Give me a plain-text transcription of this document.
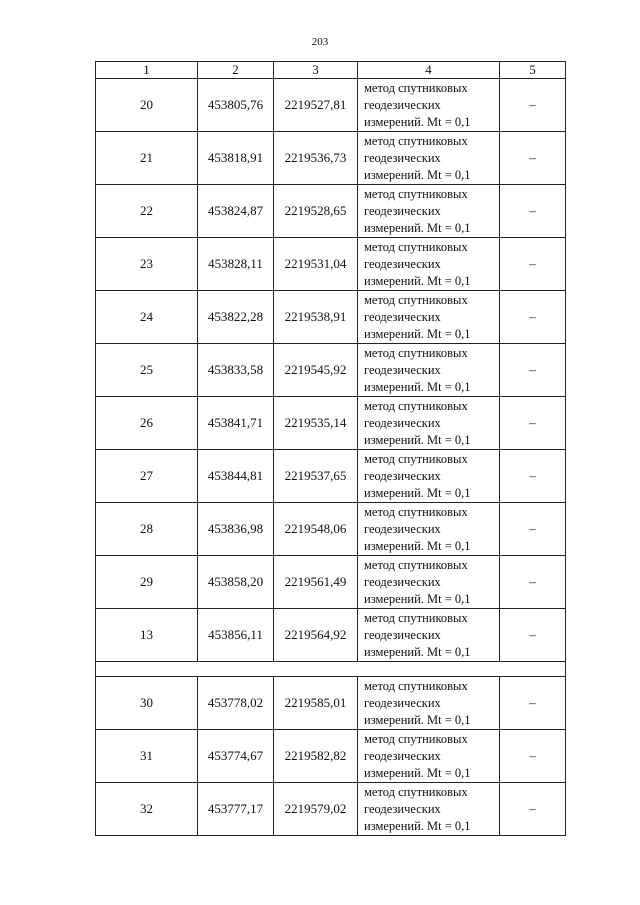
203
1	2	3	4	5
20	453805,76	2219527,81	метод спутниковых
геодезических
измерений. Mt = 0,1	–
21	453818,91	2219536,73	метод спутниковых
геодезических
измерений. Mt = 0,1	–
22	453824,87	2219528,65	метод спутниковых
геодезических
измерений. Mt = 0,1	–
23	453828,11	2219531,04	метод спутниковых
геодезических
измерений. Mt = 0,1	–
24	453822,28	2219538,91	метод спутниковых
геодезических
измерений. Mt = 0,1	–
25	453833,58	2219545,92	метод спутниковых
геодезических
измерений. Mt = 0,1	–
26	453841,71	2219535,14	метод спутниковых
геодезических
измерений. Mt = 0,1	–
27	453844,81	2219537,65	метод спутниковых
геодезических
измерений. Mt = 0,1	–
28	453836,98	2219548,06	метод спутниковых
геодезических
измерений. Mt = 0,1	–
29	453858,20	2219561,49	метод спутниковых
геодезических
измерений. Mt = 0,1	–
13	453856,11	2219564,92	метод спутниковых
геодезических
измерений. Mt = 0,1	–

30	453778,02	2219585,01	метод спутниковых
геодезических
измерений. Mt = 0,1	–
31	453774,67	2219582,82	метод спутниковых
геодезических
измерений. Mt = 0,1	–
32	453777,17	2219579,02	метод спутниковых
геодезических
измерений. Mt = 0,1	–
